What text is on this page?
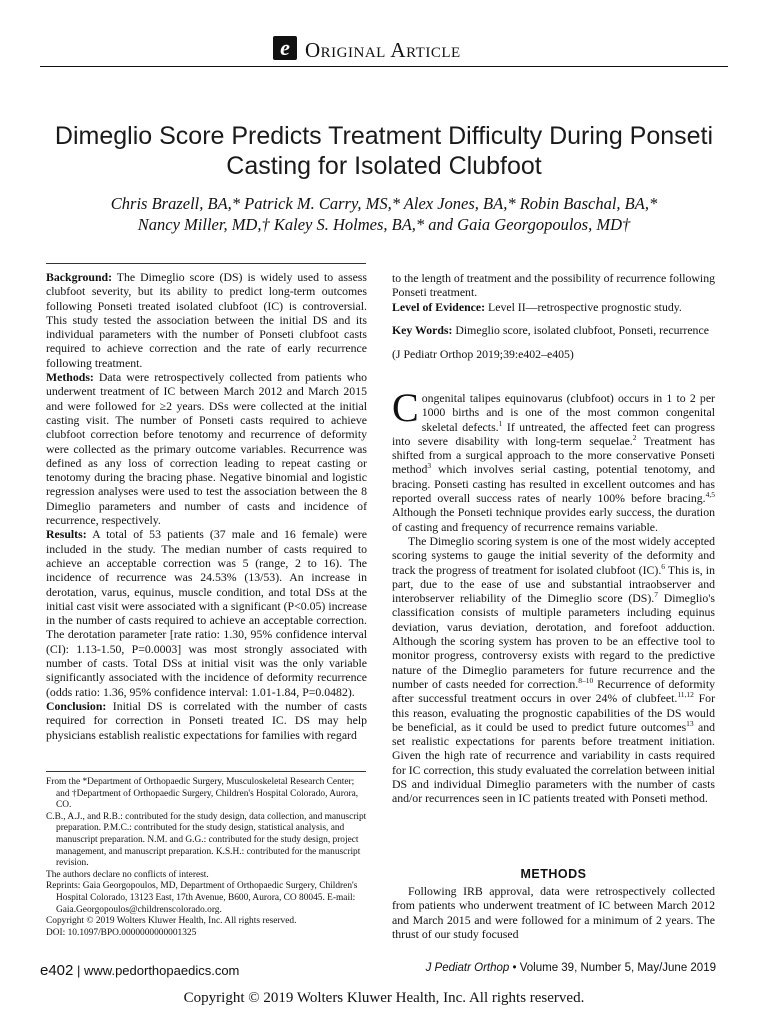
e Original Article
Dimeglio Score Predicts Treatment Difficulty During Ponseti Casting for Isolated Clubfoot
Chris Brazell, BA,* Patrick M. Carry, MS,* Alex Jones, BA,* Robin Baschal, BA,*
Nancy Miller, MD,† Kaley S. Holmes, BA,* and Gaia Georgopoulos, MD†

Background: The Dimeglio score (DS) is widely used to assess clubfoot severity, but its ability to predict long-term outcomes following Ponseti treated isolated clubfoot (IC) is controversial. This study tested the association between the initial DS and its individual parameters with the number of Ponseti clubfoot casts required to achieve correction and the rate of early recurrence following treatment.

Methods: Data were retrospectively collected from patients who underwent treatment of IC between March 2012 and March 2015 and were followed for ≥2 years. DSs were collected at the initial casting visit. The number of Ponseti casts required to achieve clubfoot correction before tenotomy and recurrence of deformity were collected as the primary outcome variables. Recurrence was defined as any loss of correction leading to repeat casting or tenotomy during the bracing phase. Negative binomial and logistic regression analyses were used to test the association between the 8 Dimeglio parameters and number of casts and incidence of recurrence, respectively.

Results: A total of 53 patients (37 male and 16 female) were included in the study. The median number of casts required to achieve an acceptable correction was 5 (range, 2 to 16). The incidence of recurrence was 24.53% (13/53). An increase in derotation, varus, equinus, muscle condition, and total DSs at the initial cast visit were associated with a significant (P<0.05) increase in the number of casts required to achieve an acceptable correction. The derotation parameter [rate ratio: 1.30, 95% confidence interval (CI): 1.13-1.50, P=0.0003] was most strongly associated with number of casts. Total DSs at initial visit was the only variable significantly associated with the incidence of deformity recurrence (odds ratio: 1.36, 95% confidence interval: 1.01-1.84, P=0.0482).

Conclusion: Initial DS is correlated with the number of casts required for correction in Ponseti treated IC. DS may help physicians establish realistic expectations for families with regard

From the *Department of Orthopaedic Surgery, Musculoskeletal Research Center; and †Department of Orthopaedic Surgery, Children's Hospital Colorado, Aurora, CO.

C.B., A.J., and R.B.: contributed for the study design, data collection, and manuscript preparation. P.M.C.: contributed for the study design, statistical analysis, and manuscript preparation. N.M. and G.G.: contributed for the study design, project management, and manuscript preparation. K.S.H.: contributed for the manuscript revision.

The authors declare no conflicts of interest.

Reprints: Gaia Georgopoulos, MD, Department of Orthopaedic Surgery, Children's Hospital Colorado, 13123 East, 17th Avenue, B600, Aurora, CO 80045. E-mail: Gaia.Georgopoulos@childrenscolorado.org.

Copyright © 2019 Wolters Kluwer Health, Inc. All rights reserved.

DOI: 10.1097/BPO.0000000000001325

to the length of treatment and the possibility of recurrence following Ponseti treatment.

Level of Evidence: Level II—retrospective prognostic study.

Key Words: Dimeglio score, isolated clubfoot, Ponseti, recurrence
(J Pediatr Orthop 2019;39:e402–e405)

Congenital talipes equinovarus (clubfoot) occurs in 1 to 2 per 1000 births and is one of the most common congenital skeletal defects.$^1$ If untreated, the affected feet can progress into severe disability with long-term sequelae.$^2$ Treatment has shifted from a surgical approach to the more conservative Ponseti method$^3$ which involves serial casting, potential tenotomy, and bracing. Ponseti casting has resulted in excellent outcomes and has reported overall success rates of nearly 100% before bracing.$^{4,5}$ Although the Ponseti technique provides early success, the duration of casting and frequency of recurrence remains variable.

The Dimeglio scoring system is one of the most widely accepted scoring systems to gauge the initial severity of the deformity and track the progress of treatment for isolated clubfoot (IC).$^6$ This is, in part, due to the ease of use and substantial intraobserver and interobserver reliability of the Dimeglio score (DS).$^7$ Dimeglio's classification consists of multiple parameters including equinus deviation, varus deviation, derotation, and forefoot adduction. Although the scoring system has proven to be an effective tool to monitor progress, controversy exists with regard to the predictive nature of the Dimeglio parameters for future recurrence and the number of casts needed for correction.$^{8-10}$ Recurrence of deformity after successful treatment occurs in over 24% of clubfeet.$^{11,12}$ For this reason, evaluating the prognostic capabilities of the DS would be beneficial, as it could be used to predict future outcomes$^{13}$ and set realistic expectations for parents before treatment initiation. Given the high rate of recurrence and variability in casts required for IC correction, this study evaluated the correlation between initial DS and individual Dimeglio parameters with the number of casts and/or recurrences seen in IC patients treated with Ponseti method.

METHODS

Following IRB approval, data were retrospectively collected from patients who underwent treatment of IC between March 2012 and March 2015 and were followed for a minimum of 2 years. The thrust of our study focused

e402 | www.pedorthopaedics.com	J Pediatr Orthop • Volume 39, Number 5, May/June 2019
Copyright © 2019 Wolters Kluwer Health, Inc. All rights reserved.
